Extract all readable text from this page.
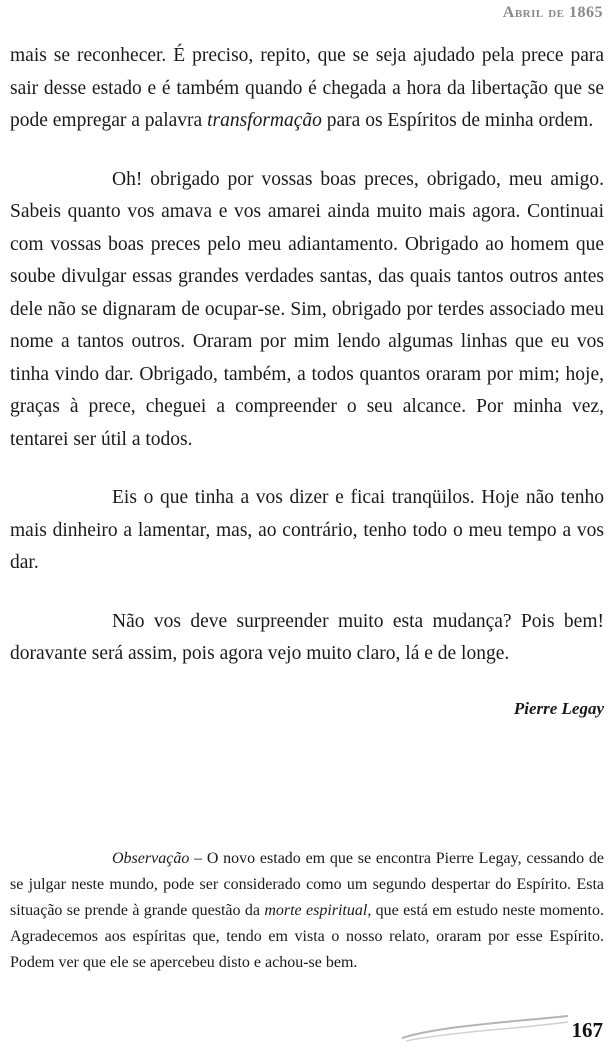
Abril de 1865

mais se reconhecer. É preciso, repito, que se seja ajudado pela prece para sair desse estado e é também quando é chegada a hora da libertação que se pode empregar a palavra transformação para os Espíritos de minha ordem.

Oh! obrigado por vossas boas preces, obrigado, meu amigo. Sabeis quanto vos amava e vos amarei ainda muito mais agora. Continuai com vossas boas preces pelo meu adiantamento. Obrigado ao homem que soube divulgar essas grandes verdades santas, das quais tantos outros antes dele não se dignaram de ocupar-se. Sim, obrigado por terdes associado meu nome a tantos outros. Oraram por mim lendo algumas linhas que eu vos tinha vindo dar. Obrigado, também, a todos quantos oraram por mim; hoje, graças à prece, cheguei a compreender o seu alcance. Por minha vez, tentarei ser útil a todos.

Eis o que tinha a vos dizer e ficai tranqüilos. Hoje não tenho mais dinheiro a lamentar, mas, ao contrário, tenho todo o meu tempo a vos dar.

Não vos deve surpreender muito esta mudança? Pois bem! doravante será assim, pois agora vejo muito claro, lá e de longe.

Pierre Legay

Observação – O novo estado em que se encontra Pierre Legay, cessando de se julgar neste mundo, pode ser considerado como um segundo despertar do Espírito. Esta situação se prende à grande questão da morte espiritual, que está em estudo neste momento. Agradecemos aos espíritas que, tendo em vista o nosso relato, oraram por esse Espírito. Podem ver que ele se apercebeu disto e achou-se bem.

167
